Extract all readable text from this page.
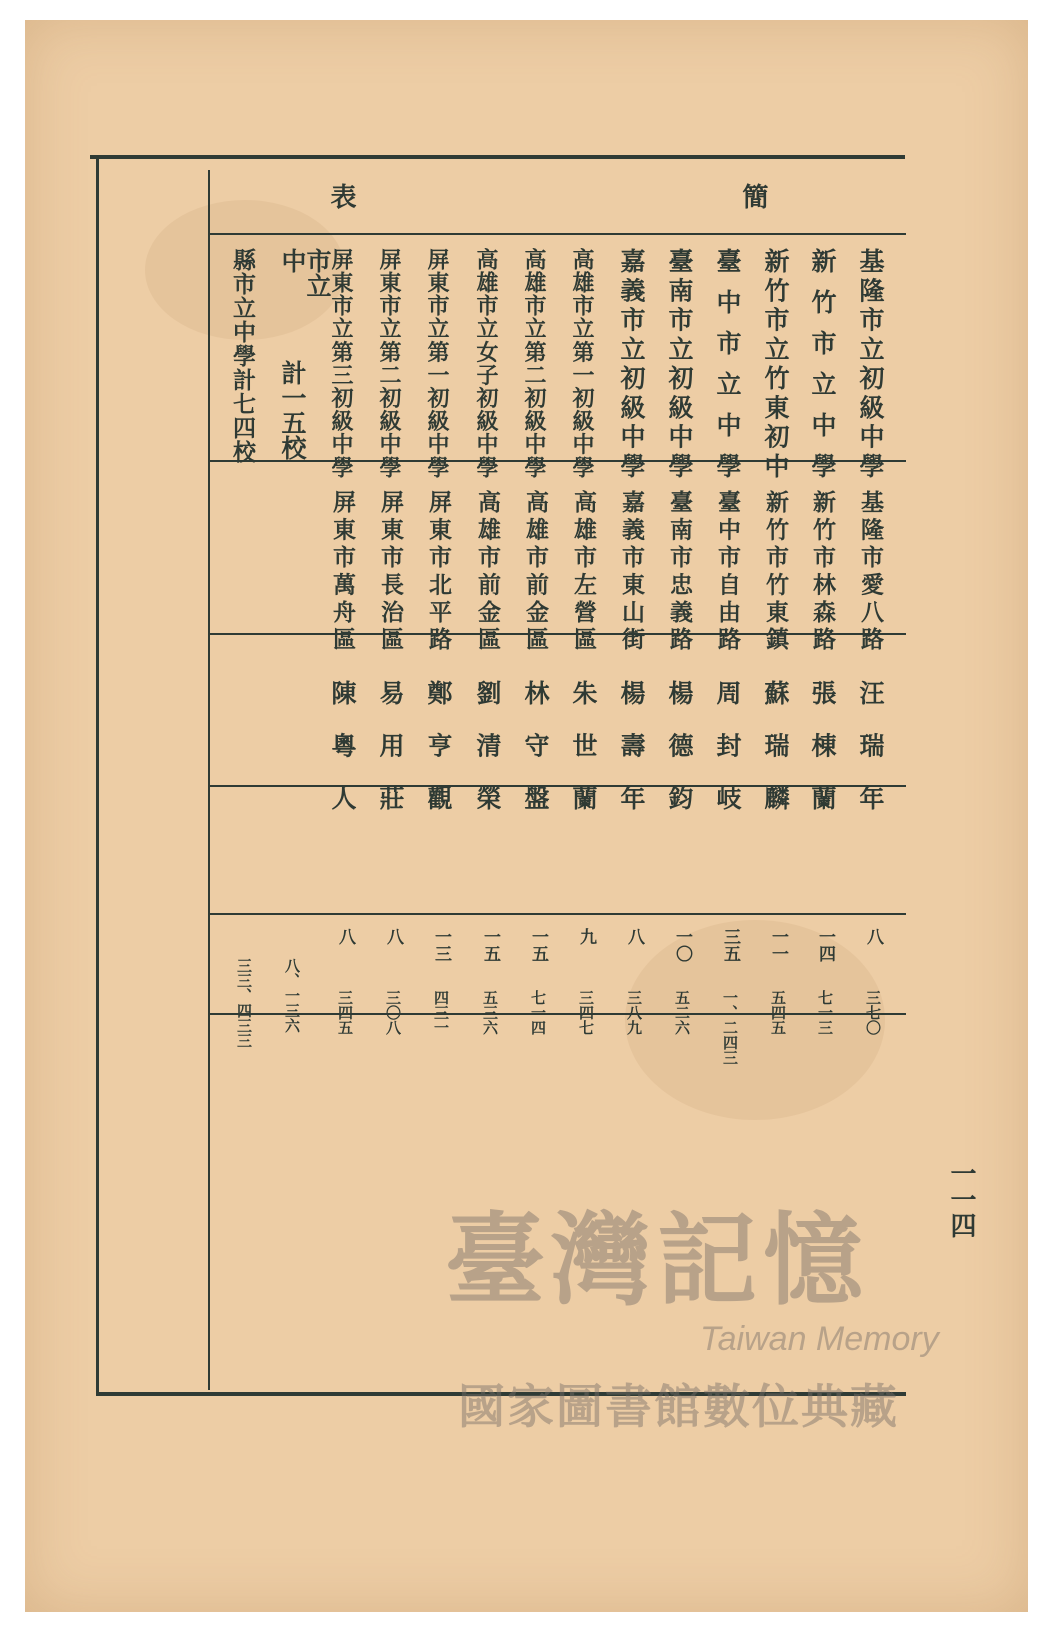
簡
表
基隆市立初級中學
基隆市愛八路
汪瑞年
八
三七〇
新竹市立中學
新竹市林森路
張棟蘭
一四
七一三
新竹市立竹東初中
新竹市竹東鎮
蘇瑞麟
一一
五四五
臺中市立中學
臺中市自由路
周封岐
三五
一、二四三
臺南市立初級中學
臺南市忠義路
楊德鈞
一〇
五二六
嘉義市立初級中學
嘉義市東山街
楊壽年
八
三八九
高雄市立第一初級中學
高雄市左營區
朱世蘭
九
三四七
高雄市立第二初級中學
高雄市前金區
林守盤
一五
七一四
高雄市立女子初級中學
高雄市前金區
劉清榮
一五
五三六
屏東市立第一初級中學
屏東市北平路
鄭亨觀
一三
四三一
屏東市立第二初級中學
屏東市長治區
易用莊
八
三〇八
屏東市立第三初級中學
屏東市萬舟區
陳粵人
八
三四五
市立中
計一五校
八、一三六
縣市立中學計七四校
三三、四三三
一一四
臺灣記憶
Taiwan Memory
國家圖書館數位典藏
